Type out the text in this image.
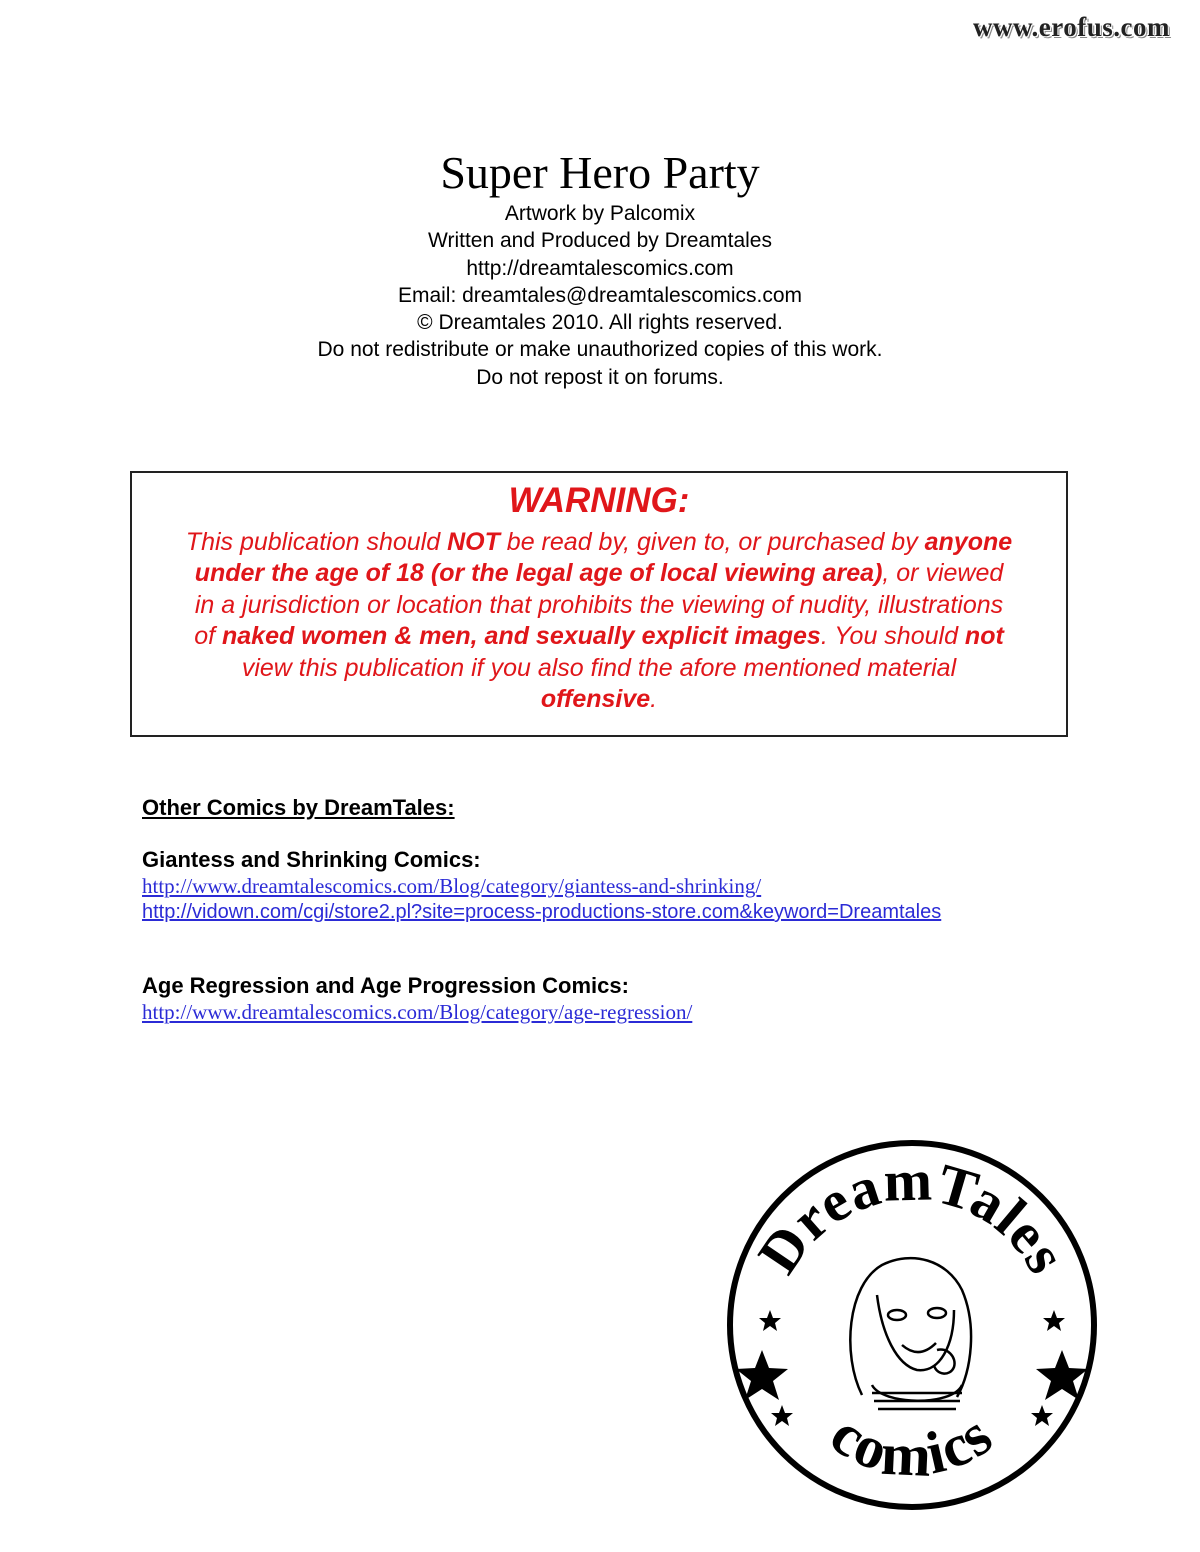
www.erofus.com
Super Hero Party

Artwork by Palcomix

Written and Produced by Dreamtales

http://dreamtalescomics.com

Email: dreamtales@dreamtalescomics.com

© Dreamtales 2010. All rights reserved.

Do not redistribute or make unauthorized copies of this work.

Do not repost it on forums.

WARNING:

This publication should NOT be read by, given to, or purchased by anyone under the age of 18 (or the legal age of local viewing area), or viewed in a jurisdiction or location that prohibits the viewing of nudity, illustrations of naked women & men, and sexually explicit images. You should not view this publication if you also find the afore mentioned material offensive.

Other Comics by DreamTales:

Giantess and Shrinking Comics:

http://www.dreamtalescomics.com/Blog/category/giantess-and-shrinking/
http://vidown.com/cgi/store2.pl?site=process-productions-store.com&keyword=Dreamtales

Age Regression and Age Progression Comics:

http://www.dreamtalescomics.com/Blog/category/age-regression/
DreamTales
comics
